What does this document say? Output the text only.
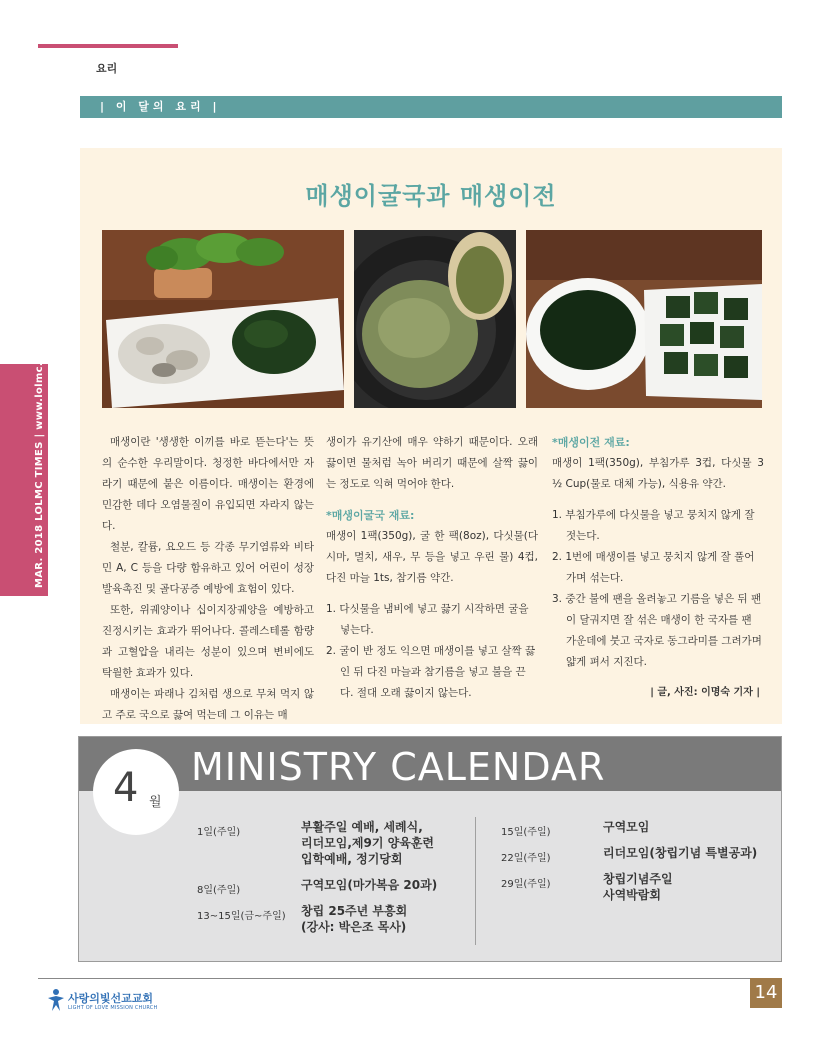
요리
| 이 달의 요리 |
MAR. 2018 LOLMC TIMES | www.lolmc.org
매생이굴국과 매생이전

매생이란 '생생한 이끼를 바로 뜯는다'는 뜻의 순수한 우리말이다. 청정한 바다에서만 자라기 때문에 붙은 이름이다. 매생이는 환경에 민감한 데다 오염물질이 유입되면 자라지 않는다.

철분, 칼륨, 요오드 등 각종 무기염류와 비타민 A, C 등을 다량 함유하고 있어 어린이 성장발육촉진 및 골다공증 예방에 효험이 있다.

또한, 위궤양이나 십이지장궤양을 예방하고 진정시키는 효과가 뛰어나다. 콜레스테롤 함량과 고혈압을 내리는 성분이 있으며 변비에도 탁월한 효과가 있다.

매생이는 파래나 김처럼 생으로 무쳐 먹지 않고 주로 국으로 끓여 먹는데 그 이유는 매

생이가 유기산에 매우 약하기 때문이다. 오래 끓이면 물처럼 녹아 버리기 때문에 살짝 끓이는 정도로 익혀 먹어야 한다.

*매생이굴국 재료:

매생이 1팩(350g), 굴 한 팩(8oz), 다싯물(다시마, 멸치, 새우, 무 등을 넣고 우린 물) 4컵, 다진 마늘 1ts, 참기름 약간.

1. 다싯물을 냄비에 넣고 끓기 시작하면 굴을 넣는다.
2. 굴이 반 정도 익으면 매생이를 넣고 살짝 끓인 뒤 다진 마늘과 참기름을 넣고 불을 끈다. 절대 오래 끓이지 않는다.
*매생이전 재료:

매생이 1팩(350g), 부침가루 3컵, 다싯물 3 ½ Cup(물로 대체 가능), 식용유 약간.

1. 부침가루에 다싯물을 넣고 뭉치지 않게 잘 젓는다.
2. 1번에 매생이를 넣고 뭉치지 않게 잘 풀어가며 섞는다.
3. 중간 불에 팬을 올려놓고 기름을 넣은 뒤 팬이 달궈지면 잘 섞은 매생이 한 국자를 팬 가운데에 붓고 국자로 동그라미를 그려가며 얇게 펴서 지진다.
| 글, 사진: 이명숙 기자 |
MINISTRY CALENDAR
4 월
1일(주일)	부활주일 예배, 세례식,
리더모임,제9기 양육훈련
입학예배, 정기당회
8일(주일)	구역모임(마가복음 20과)
13~15일(금~주일) 창립 25주년 부흥회
(강사: 박은조 목사)
15일(주일)	구역모임
22일(주일)	리더모임(창립기념 특별공과)
29일(주일)	창립기념주일
사역박람회
사랑의빛선교교회
LIGHT OF LOVE MISSION CHURCH
14
